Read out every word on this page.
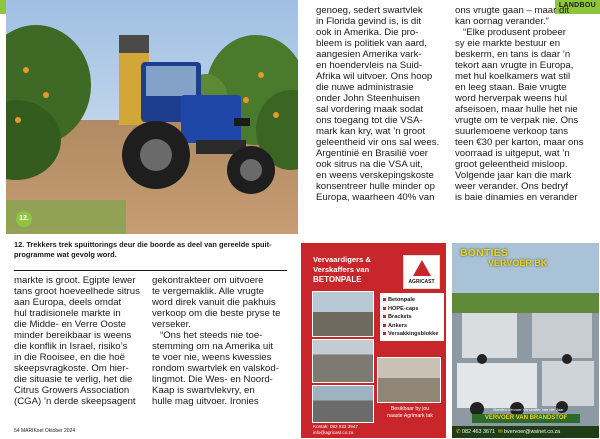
LANDBOU
12.
12. Trekkers trek spuittorings deur die boorde as deel van gereelde spuit-programme wat gevolg word.
markte is groot. Egipte lewer
tans groot hoeveelhede sitrus
aan Europa, deels omdat
hul tradisionele markte in
die Midde- en Verre Ooste
minder bereikbaar is weens
die konflik in Israel, risiko’s
in die Rooisee, en die hoë
skeepsvragkoste. Om hier-
die situasie te verlig, het die
Citrus Growers Association
(CGA) ’n derde skeepsagent
gekontrakteer om uitvoere
te vergemaklik. Alle vrugte
word direk vanuit die pakhuis
verkoop om die beste pryse te
verseker.
“Ons het steeds nie toe-
stemming om na Amerika uit
te voer nie, weens kwessies
rondom swartvlek en valskod-
lingmot. Die Wes- en Noord-
Kaap is swartvlekvry, en
hulle mag uitvoer. Ironies
genoeg, sedert swartvlek
in Florida gevind is, is dit
ook in Amerika. Die pro-
bleem is politiek van aard,
aangesien Amerika vark-
en hoendervleis na Suid-
Afrika wil uitvoer. Ons hoop
die nuwe administrasie
onder John Steenhuisen
sal vordering maak sodat
ons toegang tot die VSA-
mark kan kry, wat ’n groot
geleentheid vir ons sal wees.
Argentinië en Brasilië voer
ook sitrus na die VSA uit,
en weens verskepingskoste
konsentreer hulle minder op
Europa, waarheen 40% van
ons vrugte gaan – maar dit
kan oornag verander.”
“Elke produsent probeer
sy eie markte bestuur en
beskerm, en tans is daar ’n
tekort aan vrugte in Europa,
met hul koelkamers wat stil
en leeg staan. Baie vrugte
word herverpak weens hul
afseisoen, maar hulle het nie
vrugte om te verpak nie. Ons
suurlemoene verkoop tans
teen €30 per karton, maar ons
voorraad is uitgeput, wat ’n
groot geleentheid misloop.
Volgende jaar kan die mark
weer verander. Ons bedryf
is baie dinamies en verander
54 MARIKoel Oktober 2024
Vervaardigers &
Verskaffers van
BETONPALE	AGRICAST
Betonpale
HOPE-caps
Brackets
Ankers
Versakkingsblokke
Besikbaar by jou
naaste Agrimark tak
Kontak: 082 933 3947
info@agricast.co.za
BONTIES
VERVOER BK
Bonties Vervoer Verskaffer van die Jaar
VERVOER VAN BRANDSTOF
✆ 082 463 3671 ✉ bvervoer@wsinet.co.za
